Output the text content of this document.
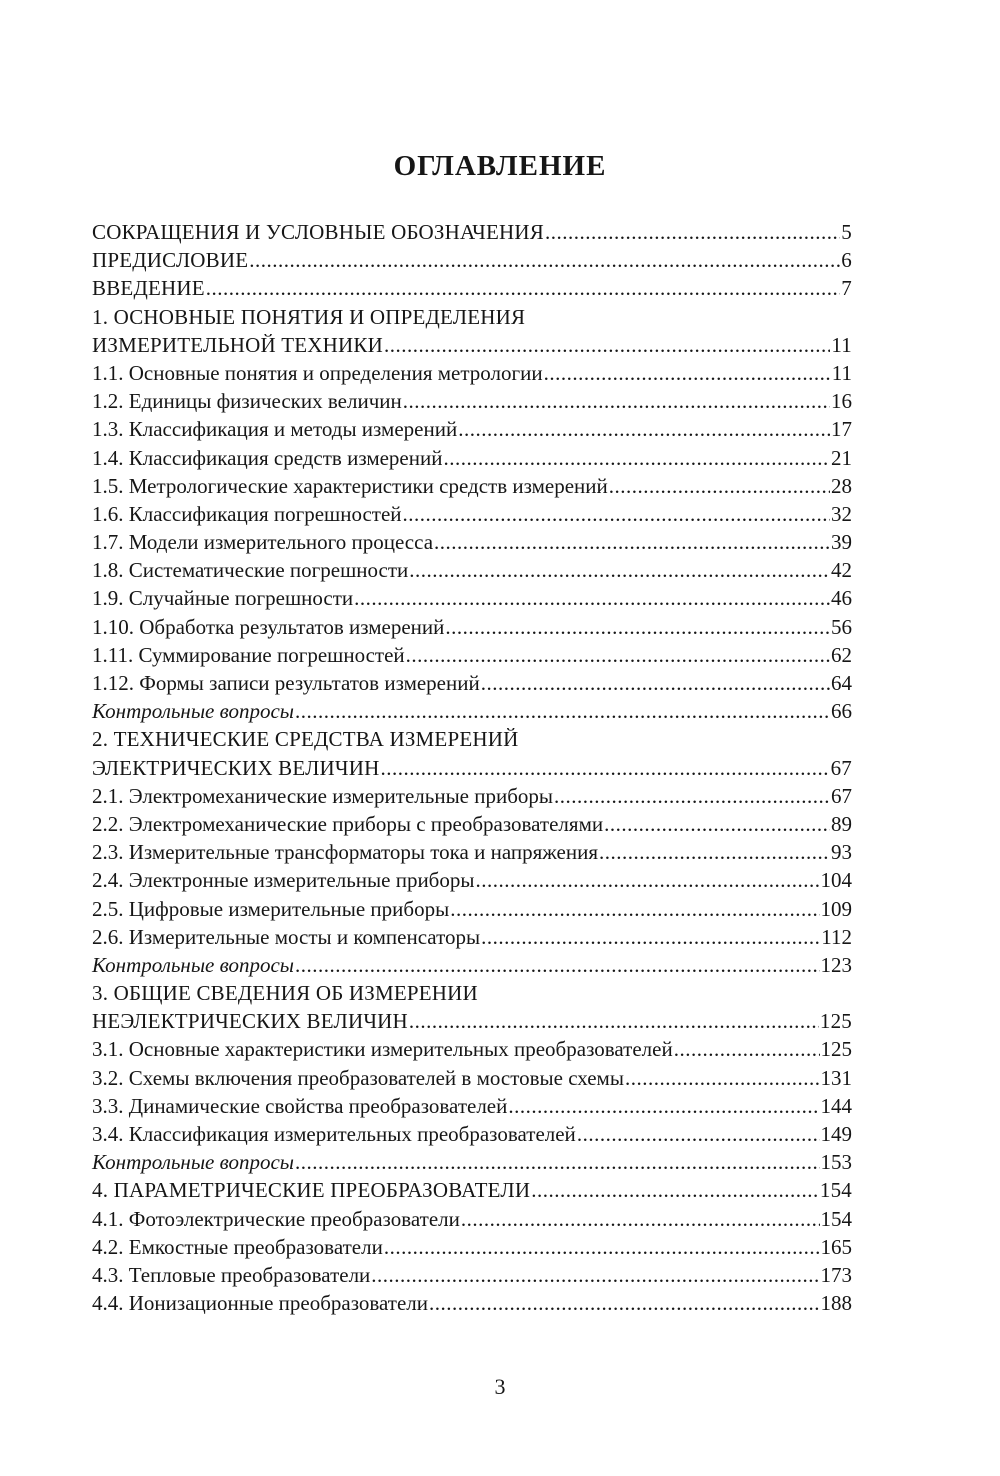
ОГЛАВЛЕНИЕ
СОКРАЩЕНИЯ И УСЛОВНЫЕ ОБОЗНАЧЕНИЯ .....	5
ПРЕДИСЛОВИЕ .....	6
ВВЕДЕНИЕ .....	7
1. ОСНОВНЫЕ ПОНЯТИЯ И ОПРЕДЕЛЕНИЯ
ИЗМЕРИТЕЛЬНОЙ ТЕХНИКИ .....	11
1.1. Основные понятия и определения метрологии .....	11
1.2. Единицы физических величин .....	16
1.3. Классификация и методы измерений .....	17
1.4. Классификация средств измерений .....	21
1.5. Метрологические характеристики средств измерений .....	28
1.6. Классификация погрешностей .....	32
1.7. Модели измерительного процесса .....	39
1.8. Систематические погрешности .....	42
1.9. Случайные погрешности .....	46
1.10. Обработка результатов измерений .....	56
1.11. Суммирование погрешностей .....	62
1.12. Формы записи результатов измерений .....	64
Контрольные вопросы .....	66
2. ТЕХНИЧЕСКИЕ СРЕДСТВА ИЗМЕРЕНИЙ
ЭЛЕКТРИЧЕСКИХ ВЕЛИЧИН .....	67
2.1. Электромеханические измерительные приборы .....	67
2.2. Электромеханические приборы с преобразователями .....	89
2.3. Измерительные трансформаторы тока и напряжения .....	93
2.4. Электронные измерительные приборы .....	104
2.5. Цифровые измерительные приборы .....	109
2.6. Измерительные мосты и компенсаторы .....	112
Контрольные вопросы .....	123
3. ОБЩИЕ СВЕДЕНИЯ ОБ ИЗМЕРЕНИИ
НЕЭЛЕКТРИЧЕСКИХ ВЕЛИЧИН .....	125
3.1. Основные характеристики измерительных преобразователей .....	125
3.2. Схемы включения преобразователей в мостовые схемы .....	131
3.3. Динамические свойства преобразователей .....	144
3.4. Классификация измерительных преобразователей .....	149
Контрольные вопросы .....	153
4. ПАРАМЕТРИЧЕСКИЕ ПРЕОБРАЗОВАТЕЛИ .....	154
4.1. Фотоэлектрические преобразователи .....	154
4.2. Емкостные преобразователи .....	165
4.3. Тепловые преобразователи .....	173
4.4. Ионизационные преобразователи .....	188
3
